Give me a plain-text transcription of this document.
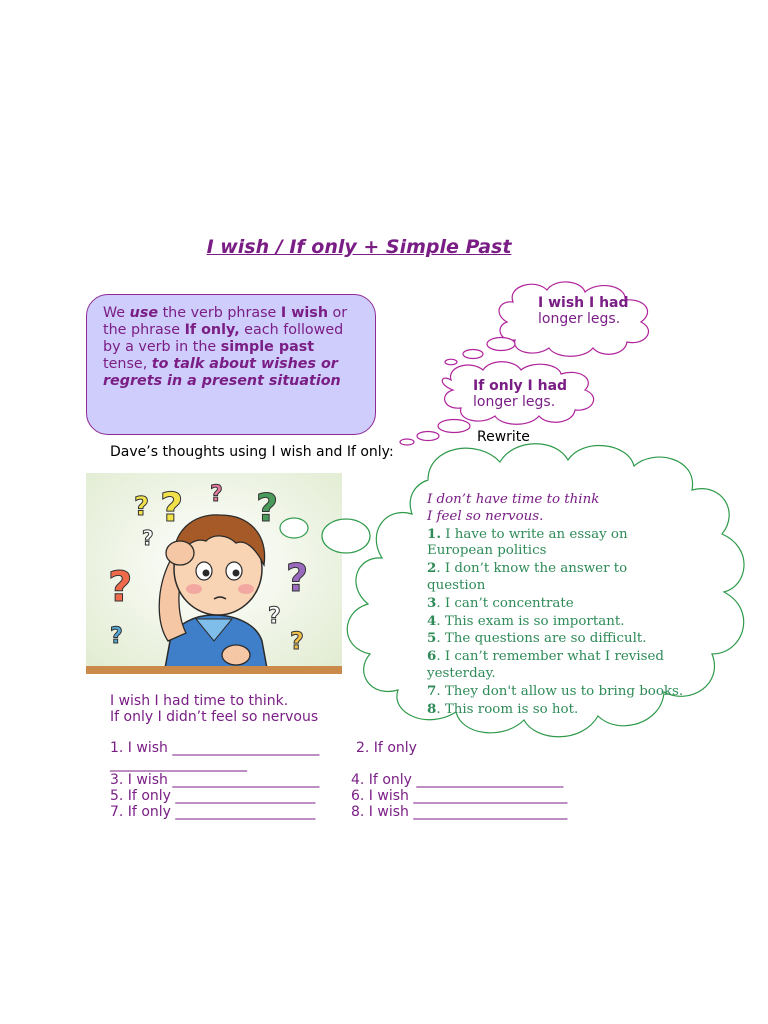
I wish / If only + Simple Past
We use the verb phrase I wish or the phrase If only, each followed by a verb in the simple past tense, to talk about wishes or regrets in a present situation
I wish I had
longer legs.
If only I had
longer legs.
Rewrite
Dave’s thoughts using I wish and If only:
? ? ? ?
?
?	?
?
?	?
I don’t have time to think
I feel so nervous.
1. I have to write an essay on European politics
2. I don’t know the answer to question
3. I can’t concentrate
4. This exam is so important.
5. The questions are so difficult.
6. I can’t remember what I revised yesterday.
7. They don't allow us to bring books.
8. This room is so hot.
I wish I had time to think.
If only I didn’t feel so nervous
1. I wish _____________________	2. If only
_____________________
3. I wish _____________________ 4. If only _____________________
5. If only ____________________	6. I wish ______________________
7. If only ____________________	8. I wish ______________________
